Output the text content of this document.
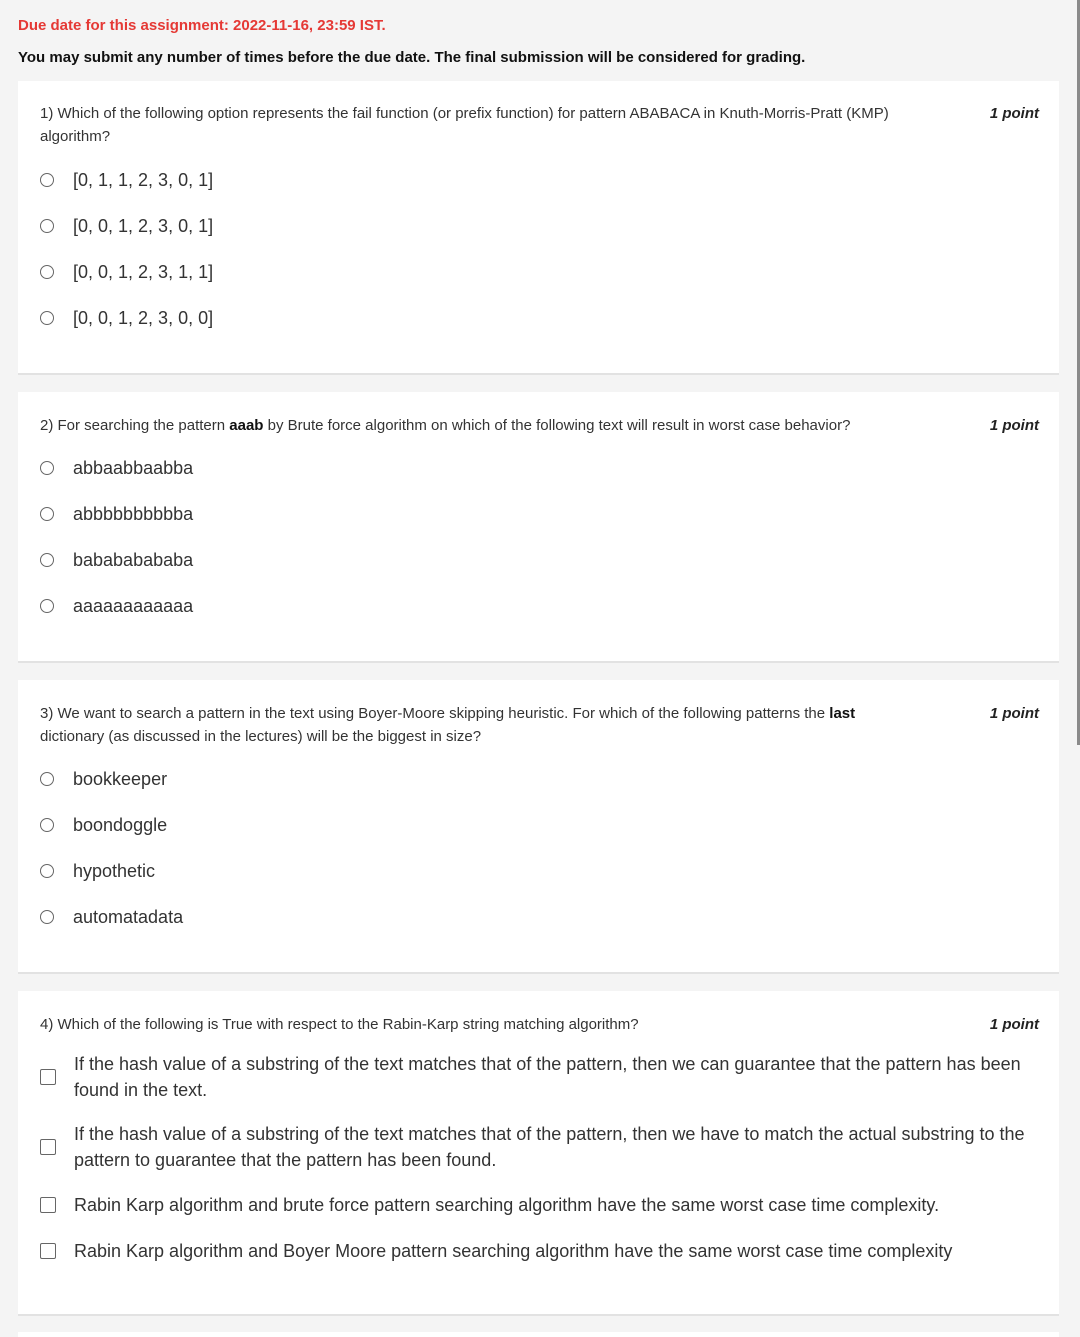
Due date for this assignment: 2022-11-16, 23:59 IST.
You may submit any number of times before the due date. The final submission will be considered for grading.
1) Which of the following option represents the fail function (or prefix function) for pattern ABABACA in Knuth-Morris-Pratt (KMP) algorithm?
1 point
[0, 1, 1, 2, 3, 0, 1]
[0, 0, 1, 2, 3, 0, 1]
[0, 0, 1, 2, 3, 1, 1]
[0, 0, 1, 2, 3, 0, 0]
2) For searching the pattern aaab by Brute force algorithm on which of the following text will result in worst case behavior?	1 point
abbaabbaabba
abbbbbbbbbba
babababababa
aaaaaaaaaaaa
3) We want to search a pattern in the text using Boyer-Moore skipping heuristic. For which of the following patterns the last dictionary (as discussed in the lectures) will be the biggest in size?
1 point
bookkeeper
boondoggle
hypothetic
automatadata
4) Which of the following is True with respect to the Rabin-Karp string matching algorithm?	1 point
If the hash value of a substring of the text matches that of the pattern, then we can guarantee that the pattern has been found in the text.
If the hash value of a substring of the text matches that of the pattern, then we have to match the actual substring to the pattern to guarantee that the pattern has been found.
Rabin Karp algorithm and brute force pattern searching algorithm have the same worst case time complexity.
Rabin Karp algorithm and Boyer Moore pattern searching algorithm have the same worst case time complexity
